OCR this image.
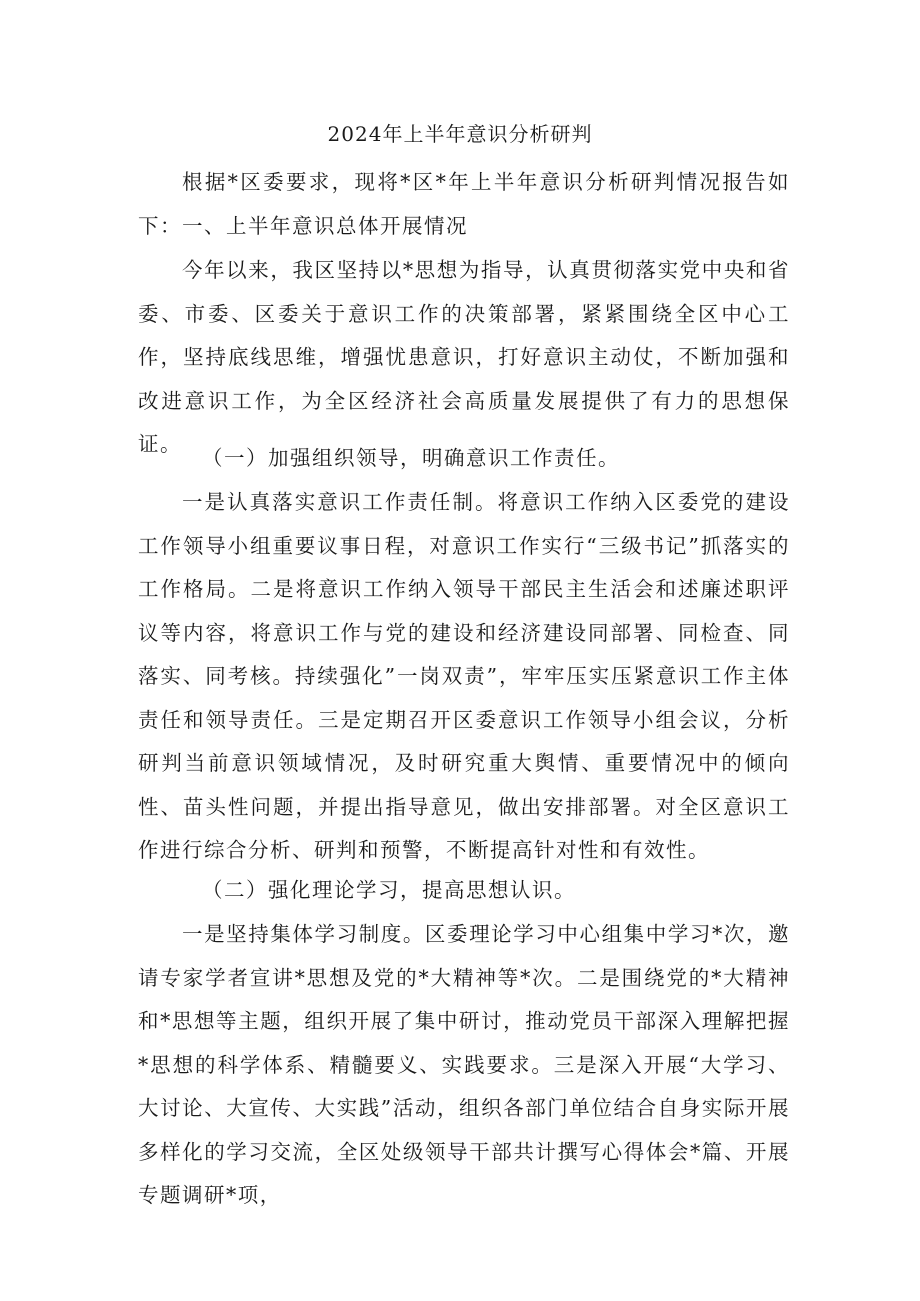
2024年上半年意识分析研判
根据*区委要求，现将*区*年上半年意识分析研判情况报告如下： 一、上半年意识总体开展情况
今年以来，我区坚持以*思想为指导，认真贯彻落实党中央和省委、市委、区委关于意识工作的决策部署，紧紧围绕全区中心工作，坚持底线思维，增强忧患意识，打好意识主动仗，不断加强和改进意识工作，为全区经济社会高质量发展提供了有力的思想保证。
（一）加强组织领导，明确意识工作责任。
一是认真落实意识工作责任制。将意识工作纳入区委党的建设工作领导小组重要议事日程，对意识工作实行“三级书记”抓落实的工作格局。二是将意识工作纳入领导干部民主生活会和述廉述职评议等内容，将意识工作与党的建设和经济建设同部署、同检查、同落实、同考核。持续强化”一岗双责”，牢牢压实压紧意识工作主体责任和领导责任。三是定期召开区委意识工作领导小组会议，分析研判当前意识领域情况，及时研究重大舆情、重要情况中的倾向性、苗头性问题，并提出指导意见，做出安排部署。对全区意识工作进行综合分析、研判和预警，不断提高针对性和有效性。
（二）强化理论学习，提高思想认识。
一是坚持集体学习制度。区委理论学习中心组集中学习*次，邀请专家学者宣讲*思想及党的*大精神等*次。二是围绕党的*大精神和*思想等主题，组织开展了集中研讨，推动党员干部深入理解把握*思想的科学体系、精髓要义、实践要求。三是深入开展“大学习、大讨论、大宣传、大实践”活动，组织各部门单位结合自身实际开展多样化的学习交流，全区处级领导干部共计撰写心得体会*篇、开展专题调研*项，
